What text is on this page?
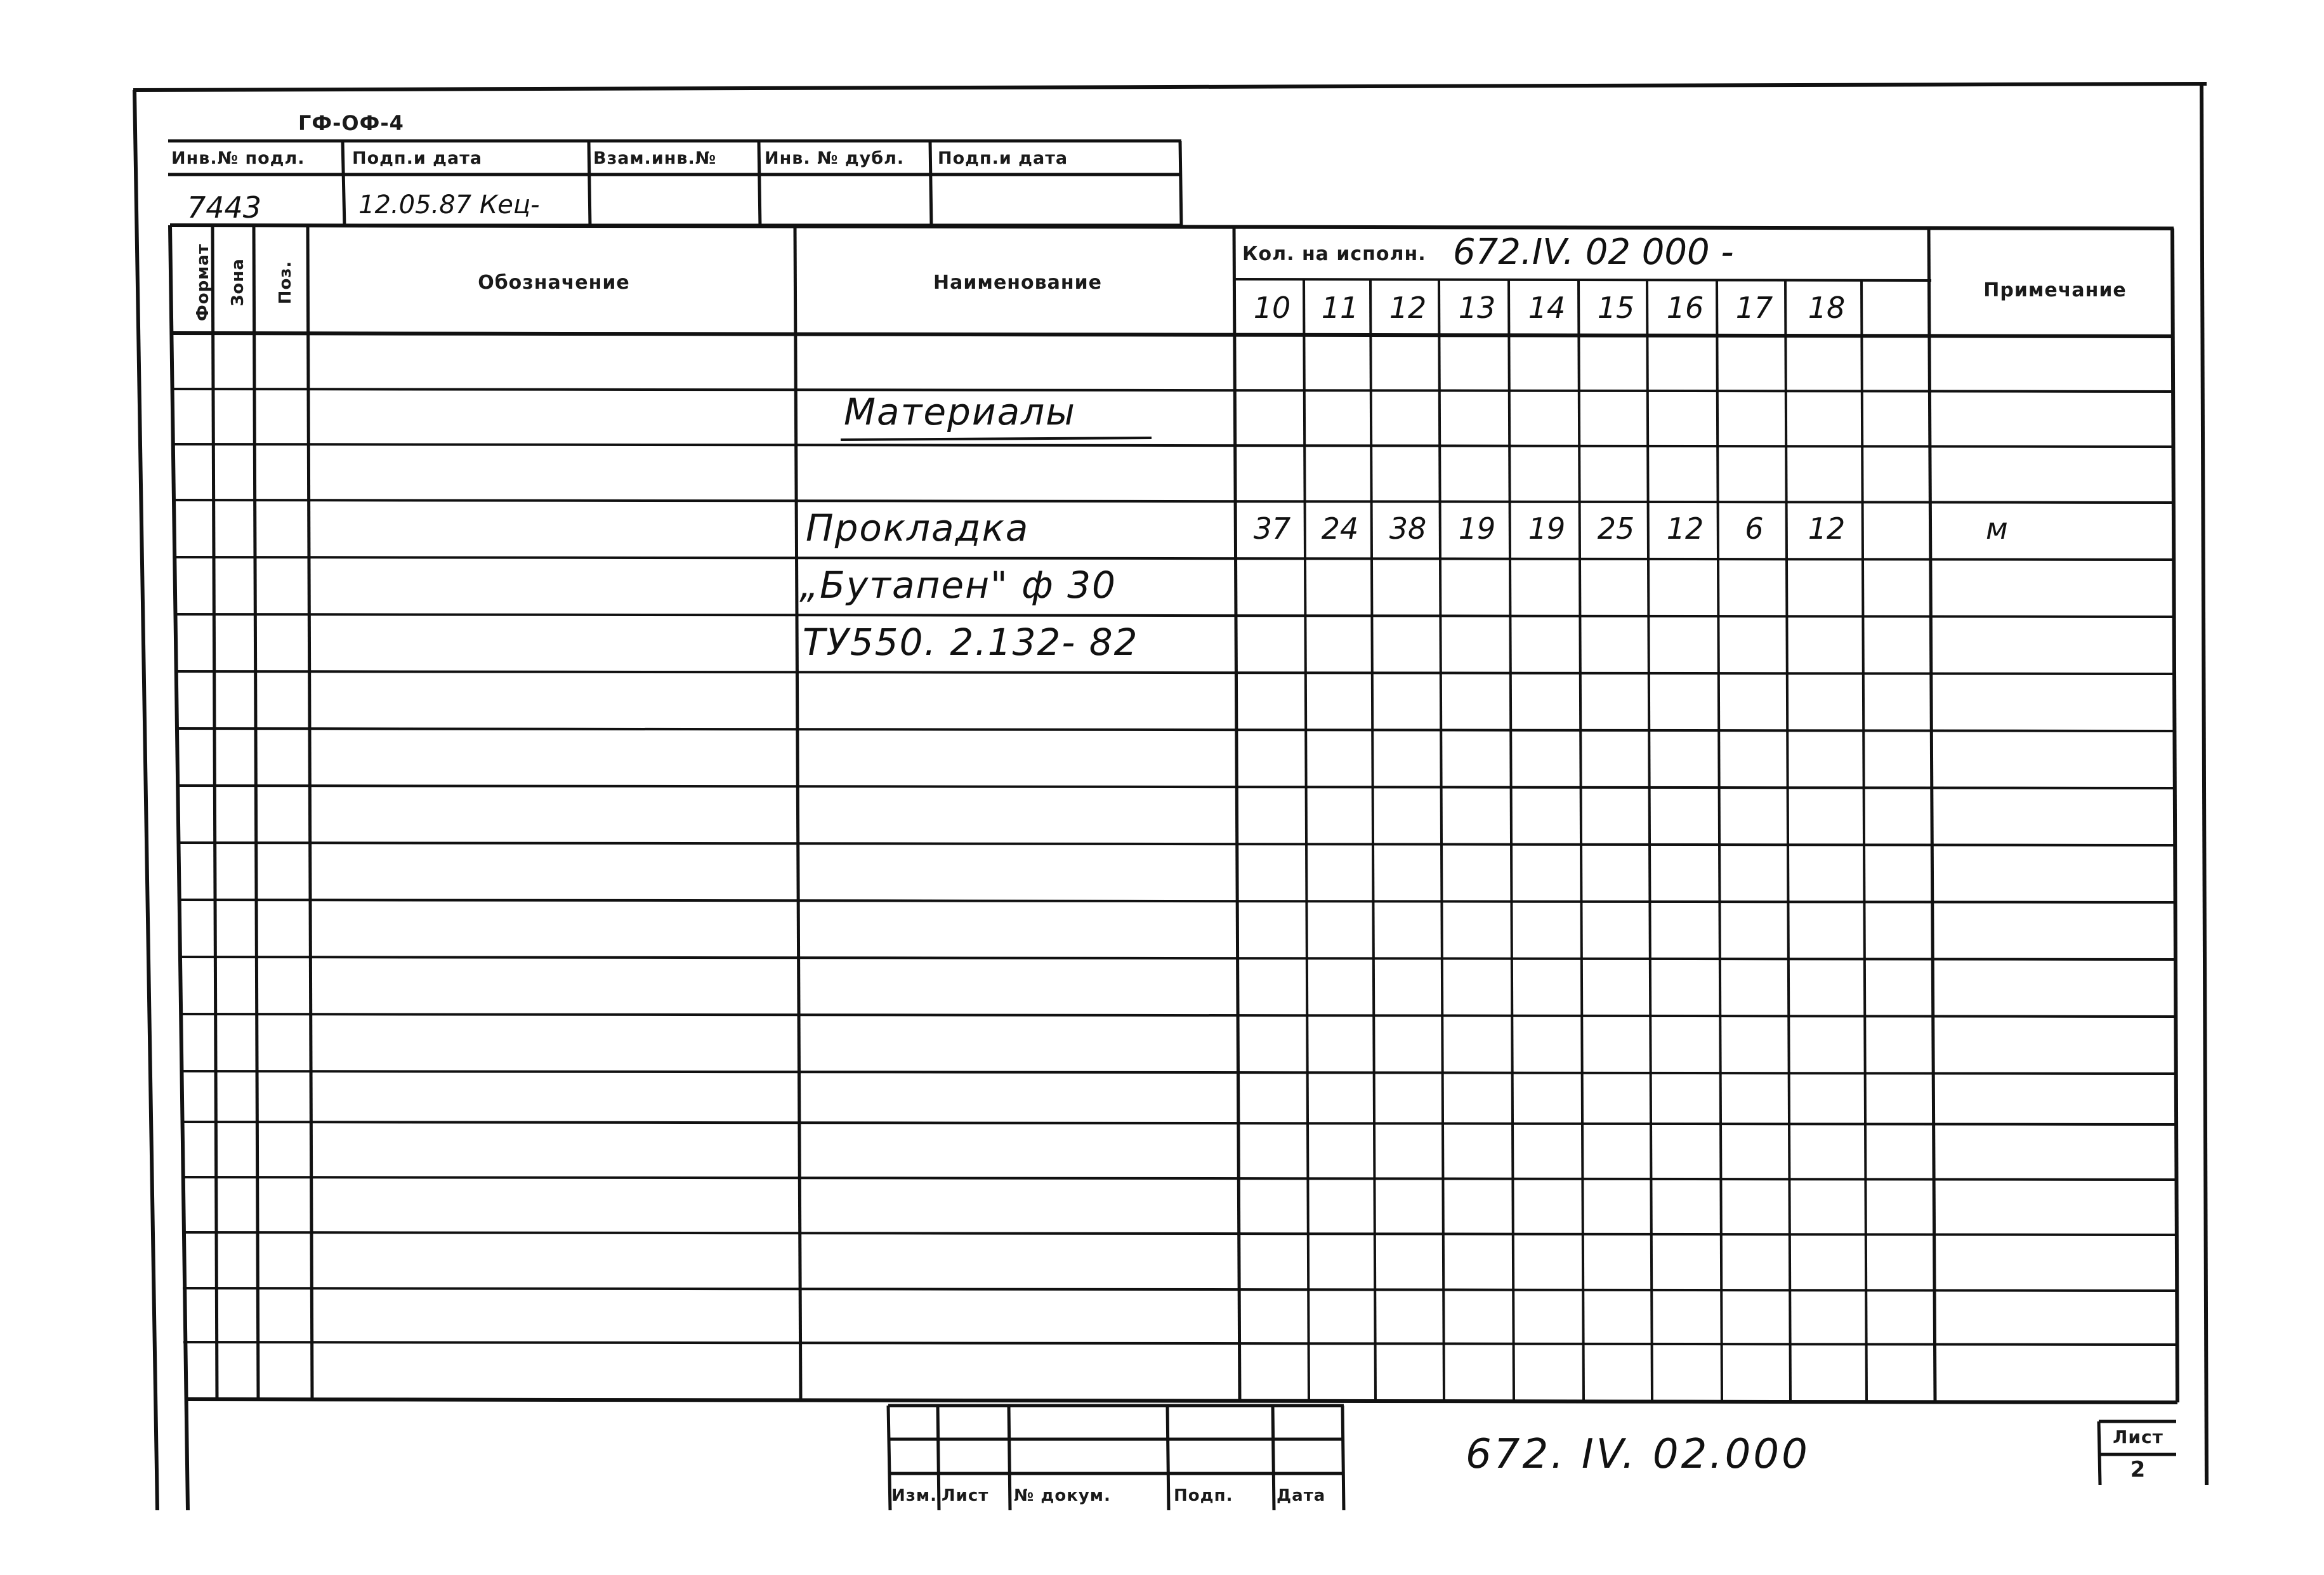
ГФ-ОФ-4
Инв.№ подл.	Подп.и дата	Взам.инв.№	Инв. № дубл. Подп.и дата
7443	12.05.87 Кец-
Формат Зона Поз.	Обозначение	Наименование
Кол. на исполн. 672.IV. 02 000 -
Примечание
10	11	12	13	14	15	16	17	18
Материалы
Прокладка
„Бутапен" ф 30
ТУ550. 2.132- 82
37	24	38	19	19	25	12	6	12	м
Изм. Лист № докум.	Подп.	Дата
672. IV. 02.000	Лист
2
